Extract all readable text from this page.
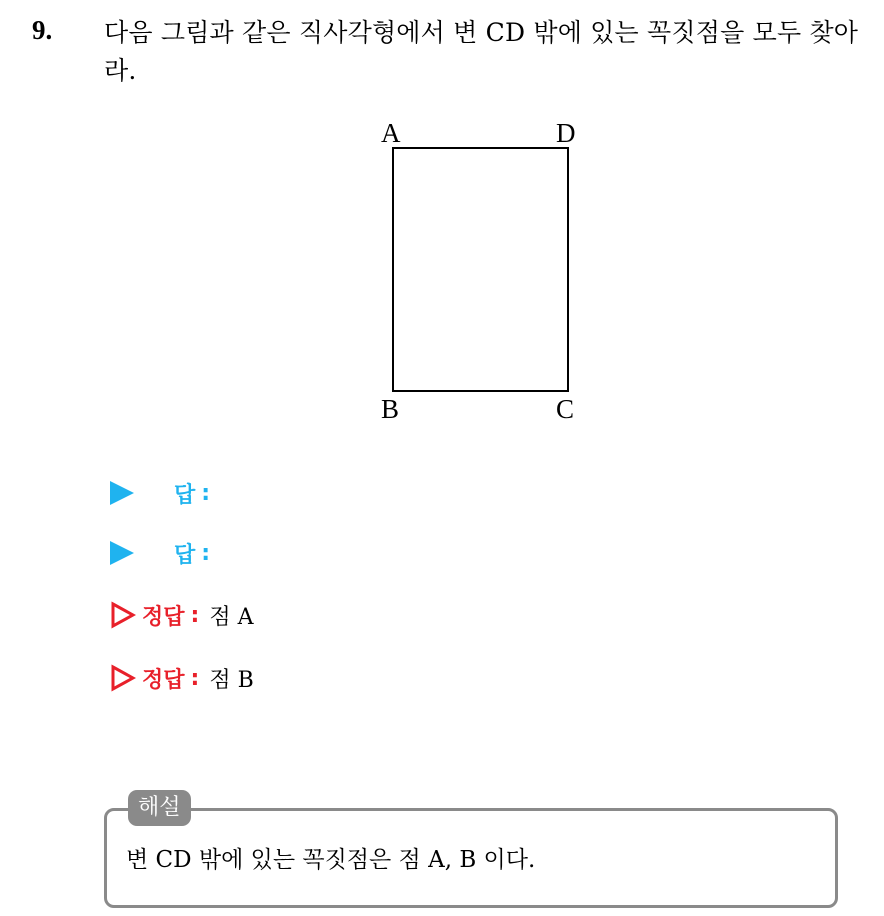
9. 다음 그림과 같은 직사각형에서 변 CD 밖에 있는 꼭짓점을 모두 찾아라.
A	D
B	C
답 :
답 :
정답 : 점 A
정답 : 점 B
해설
변 CD 밖에 있는 꼭짓점은 점 A, B 이다.
